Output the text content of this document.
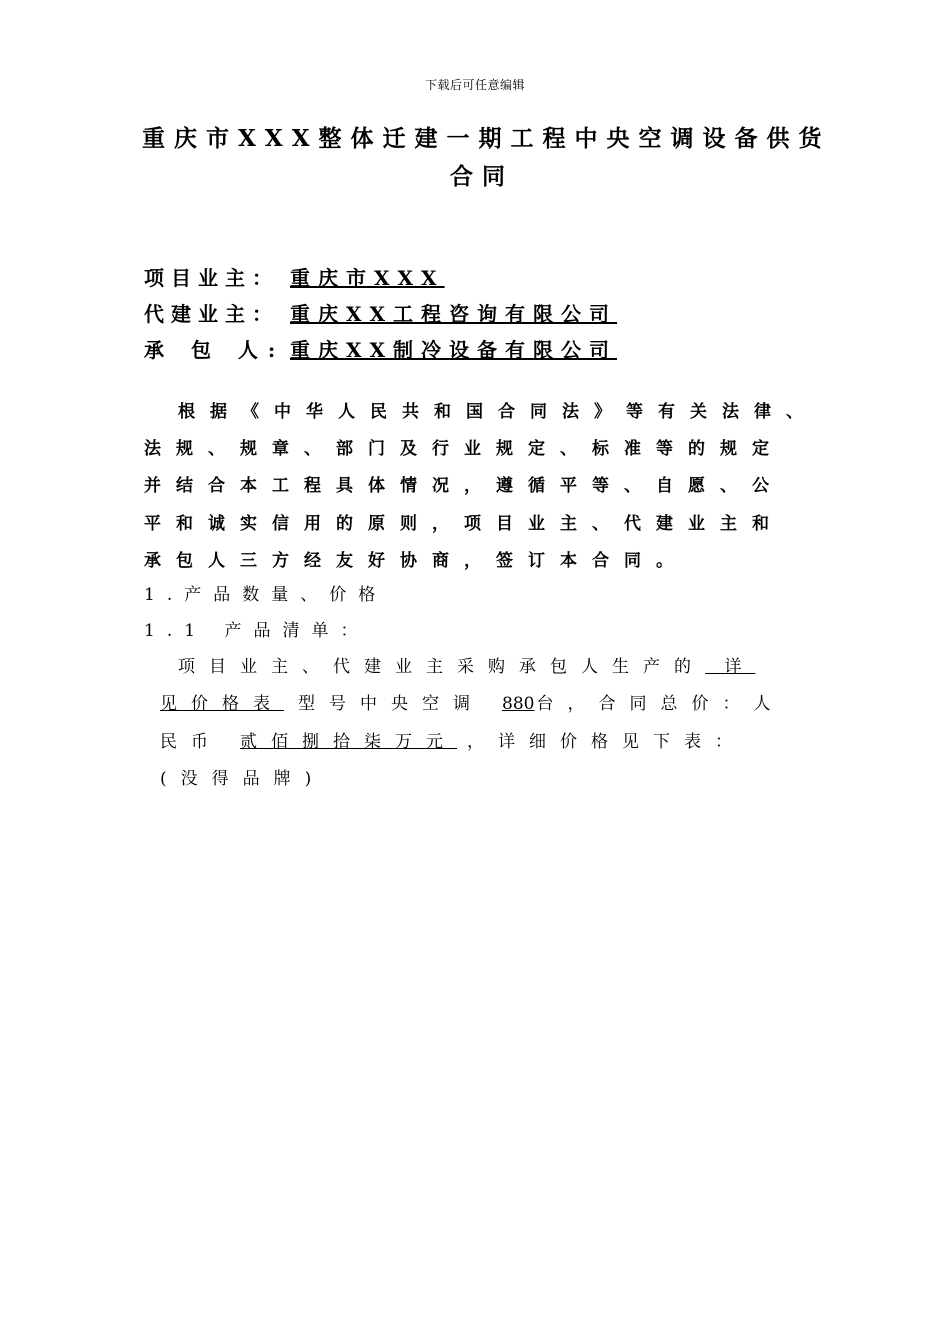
下载后可任意编辑
重庆市XXX整体迁建一期工程中央空调设备供货
合同
项目业主： 重庆市XXX
代建业主： 重庆XX工程咨询有限公司
承 包 人: 重庆XX制冷设备有限公司
根据《中华人民共和国合同法》等有关法律、
法规、规章、部门及行业规定、标准等的规定
并结合本工程具体情况，遵循平等、自愿、公
平和诚实信用的原则，项目业主、代建业主和
承包人三方经友好协商，签订本合同。
1.产品数量、价格
1.1 产品清单：
项目业主、代建业主采购承包人生产的 详
见价格表 型号中央空调 880 台，合同总价：人
民币 贰佰捌拾柒万元 ，详细价格见下表：
(没得品牌)
